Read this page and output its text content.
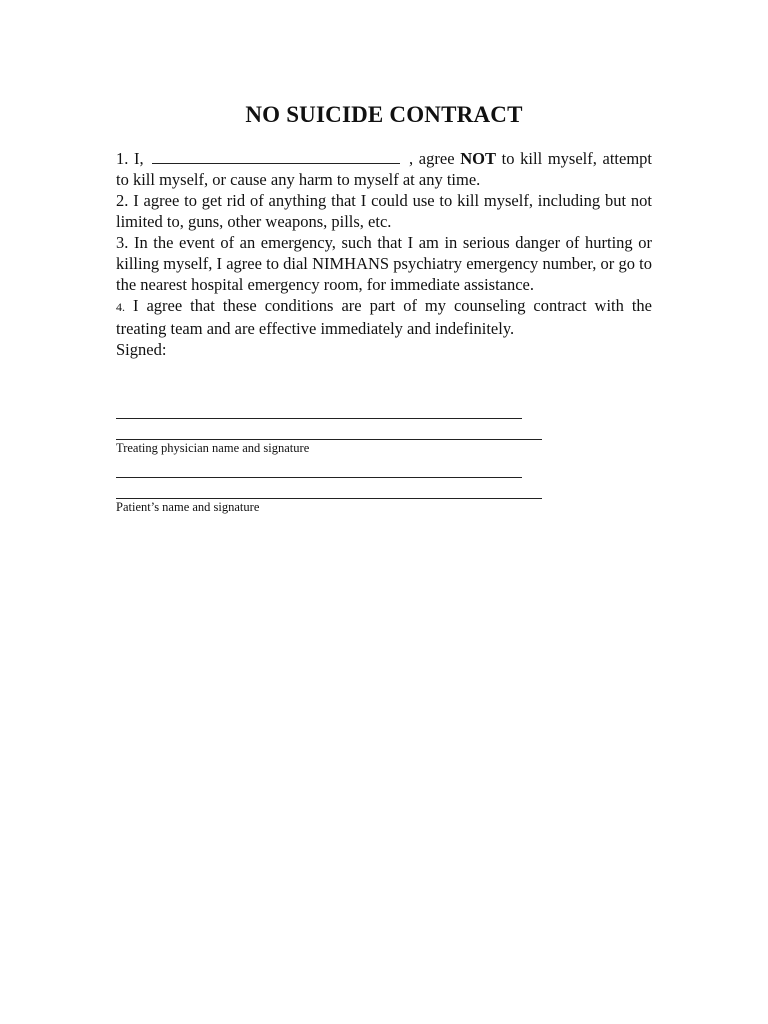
NO SUICIDE CONTRACT

1. I,	, agree NOT to kill myself, attempt to kill myself, or cause any harm to myself at any time.

2. I agree to get rid of anything that I could use to kill myself, including but not limited to, guns, other weapons, pills, etc.

3. In the event of an emergency, such that I am in serious danger of hurting or killing myself, I agree to dial NIMHANS psychiatry emergency number, or go to the nearest hospital emergency room, for immediate assistance.

4. I agree that these conditions are part of my counseling contract with the treating team and are effective immediately and indefinitely.

Signed:

Treating physician name and signature
Patient’s name and signature
